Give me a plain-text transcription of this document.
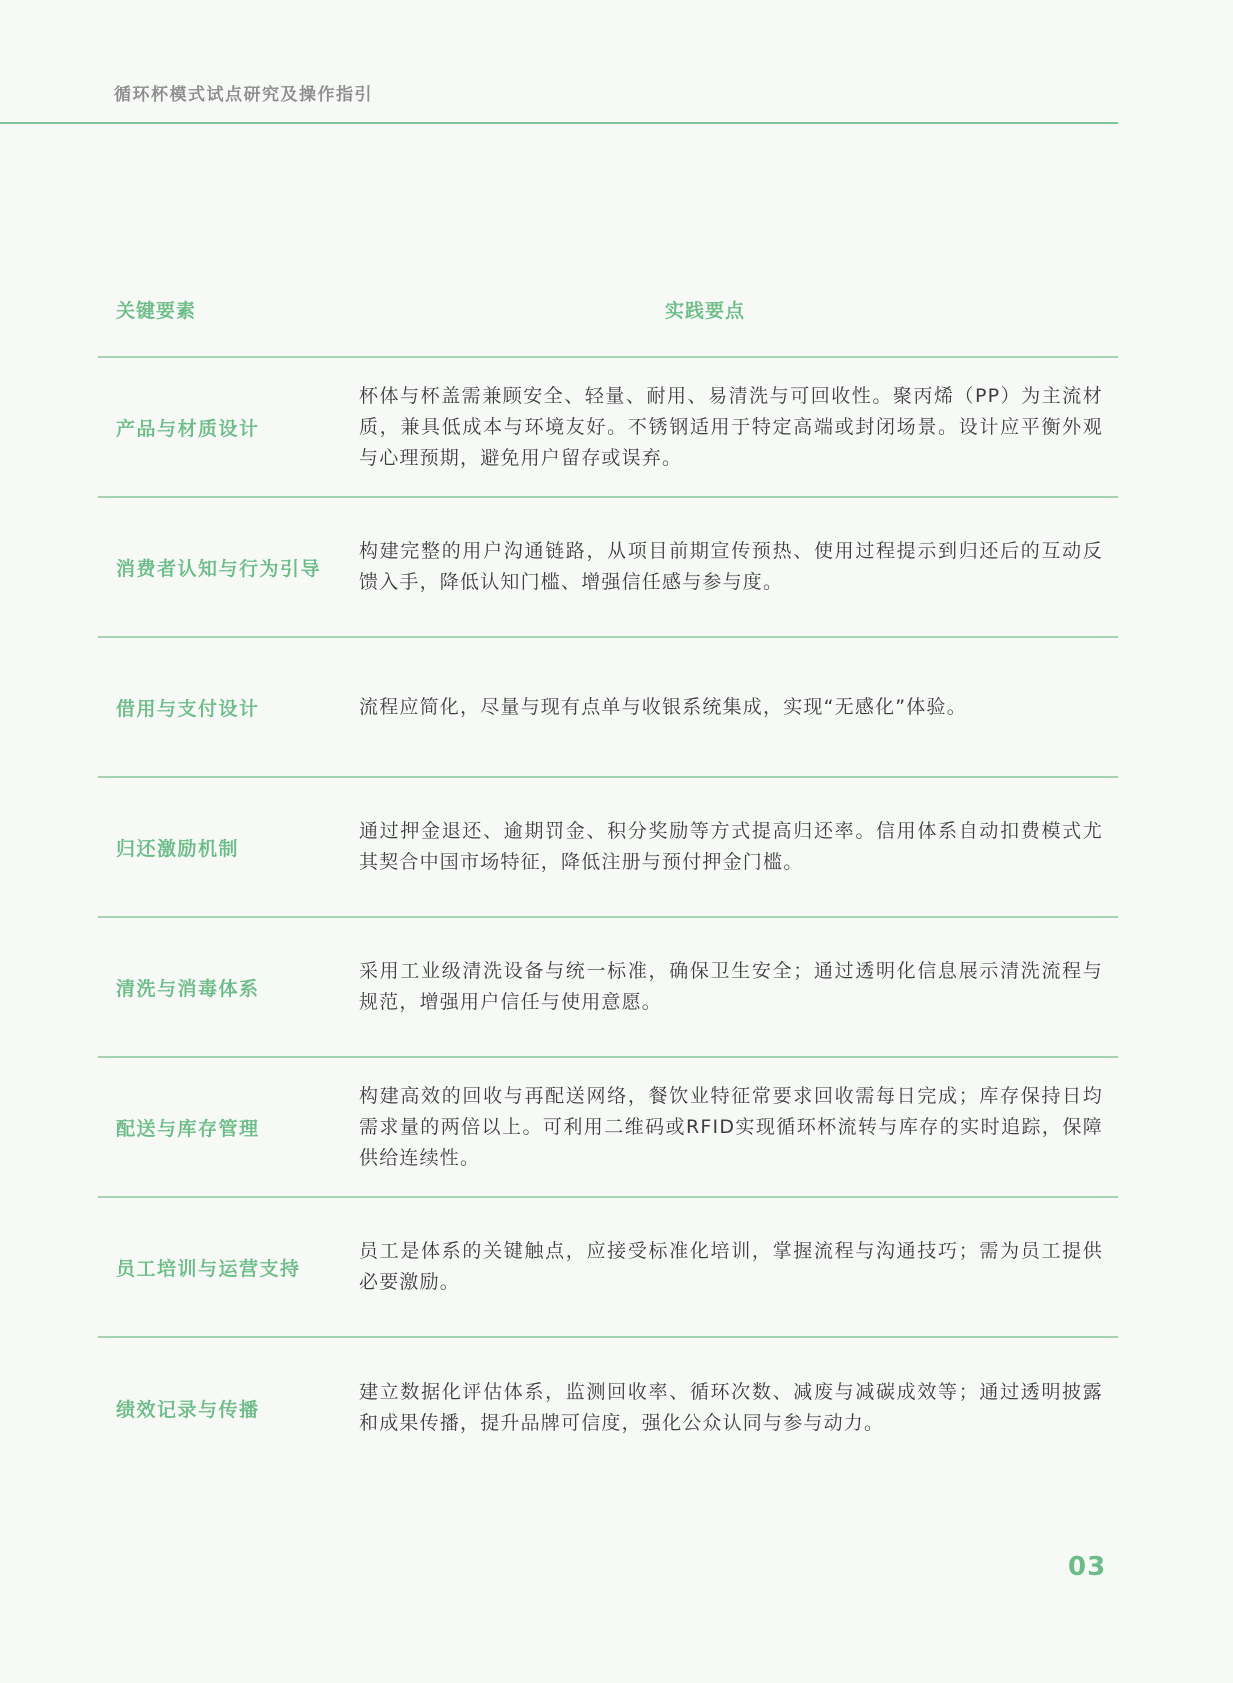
循环杯模式试点研究及操作指引
关键要素	实践要点
产品与材质设计
杯体与杯盖需兼顾安全、轻量、耐用、易清洗与可回收性。聚丙烯（PP）为主流材质，兼具低成本与环境友好。不锈钢适用于特定高端或封闭场景。设计应平衡外观与心理预期，避免用户留存或误弃。
消费者认知与行为引导
构建完整的用户沟通链路，从项目前期宣传预热、使用过程提示到归还后的互动反馈入手，降低认知门槛、增强信任感与参与度。
借用与支付设计	流程应简化，尽量与现有点单与收银系统集成，实现“无感化”体验。
归还激励机制
通过押金退还、逾期罚金、积分奖励等方式提高归还率。信用体系自动扣费模式尤其契合中国市场特征，降低注册与预付押金门槛。
清洗与消毒体系
采用工业级清洗设备与统一标准，确保卫生安全；通过透明化信息展示清洗流程与规范，增强用户信任与使用意愿。
配送与库存管理
构建高效的回收与再配送网络，餐饮业特征常要求回收需每日完成；库存保持日均需求量的两倍以上。可利用二维码或RFID实现循环杯流转与库存的实时追踪，保障供给连续性。
员工培训与运营支持
员工是体系的关键触点，应接受标准化培训，掌握流程与沟通技巧；需为员工提供必要激励。
绩效记录与传播
建立数据化评估体系，监测回收率、循环次数、减废与减碳成效等；通过透明披露和成果传播，提升品牌可信度，强化公众认同与参与动力。
03
